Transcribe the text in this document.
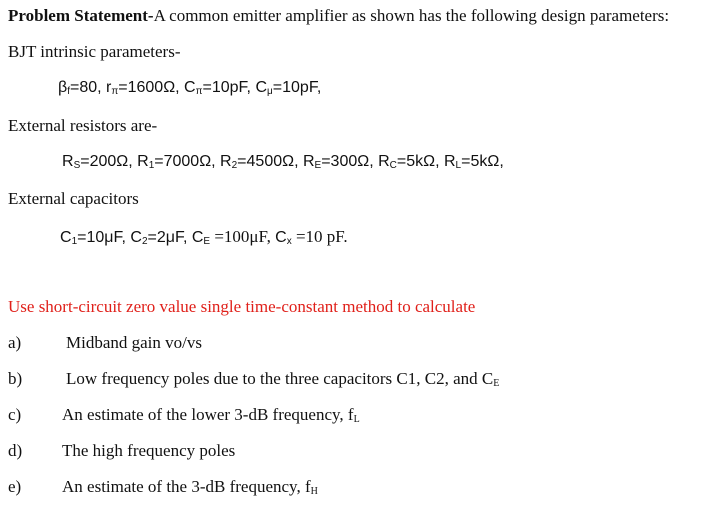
Problem Statement-A common emitter amplifier as shown has the following design parameters:
BJT intrinsic parameters-
$\beta_f=80$, $r_\pi=1600\Omega$, $C_\pi=10pF$, $C_\mu=10pF$,
External resistors are-
$R_S=200\Omega$, $R_1=7000\Omega$, $R_2=4500\Omega$, $R_E=300\Omega$, $R_C=5k\Omega$, $R_L=5k\Omega$,
External capacitors
$C_1=10\mu F$, $C_2=2\mu F$, $C_E =100\mu F$, $C_x =10$ pF.
Use short-circuit zero value single time-constant method to calculate
a)	Midband gain vo/vs
b)	Low frequency poles due to the three capacitors C1, C2, and $C_E$
c) An estimate of the lower 3-dB frequency, $f_L$
d) The high frequency poles
e) An estimate of the 3-dB frequency, $f_H$
